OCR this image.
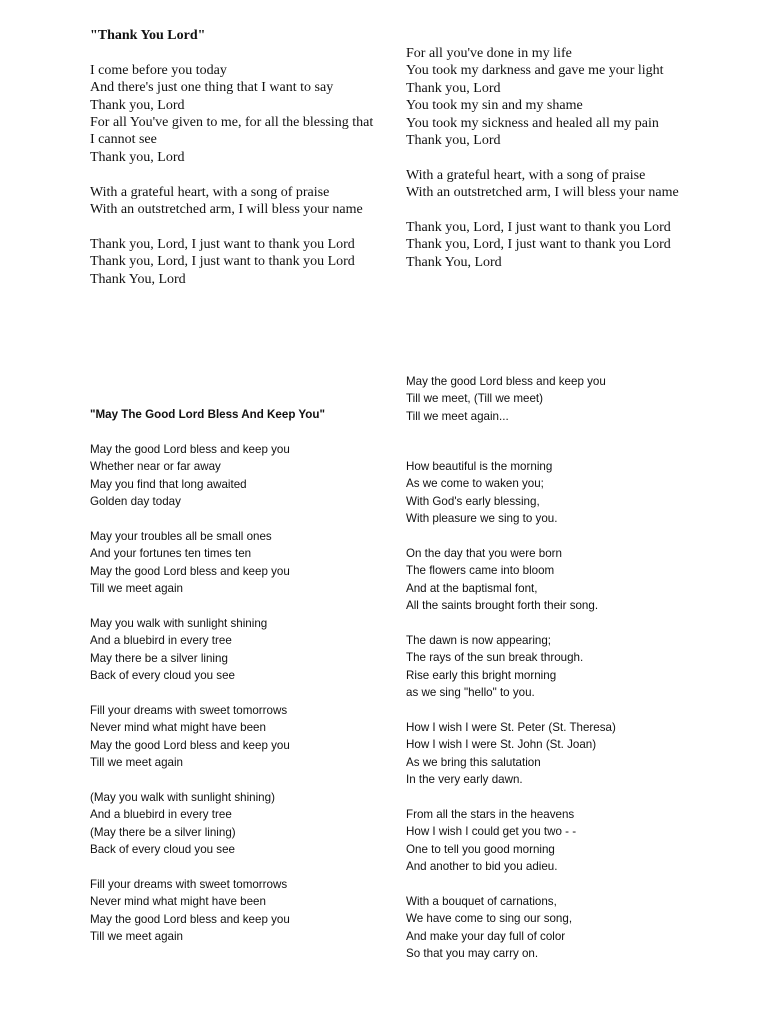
"Thank You Lord"
I come before you today
And there's just one thing that I want to say
Thank you, Lord
For all You've given to me, for all the blessing that
I cannot see
Thank you, Lord
With a grateful heart, with a song of praise
With an outstretched arm, I will bless your name
Thank you, Lord, I just want to thank you Lord
Thank you, Lord, I just want to thank you Lord
Thank You, Lord
"May The Good Lord Bless And Keep You"
May the good Lord bless and keep you
Whether near or far away
May you find that long awaited
Golden day today
May your troubles all be small ones
And your fortunes ten times ten
May the good Lord bless and keep you
Till we meet again
May you walk with sunlight shining
And a bluebird in every tree
May there be a silver lining
Back of every cloud you see
Fill your dreams with sweet tomorrows
Never mind what might have been
May the good Lord bless and keep you
Till we meet again
(May you walk with sunlight shining)
And a bluebird in every tree
(May there be a silver lining)
Back of every cloud you see
Fill your dreams with sweet tomorrows
Never mind what might have been
May the good Lord bless and keep you
Till we meet again
For all you've done in my life
You took my darkness and gave me your light
Thank you, Lord
You took my sin and my shame
You took my sickness and healed all my pain
Thank you, Lord
With a grateful heart, with a song of praise
With an outstretched arm, I will bless your name
Thank you, Lord, I just want to thank you Lord
Thank you, Lord, I just want to thank you Lord
Thank You, Lord
May the good Lord bless and keep you
Till we meet, (Till we meet)
Till we meet again...
How beautiful is the morning
As we come to waken you;
With God's early blessing,
With pleasure we sing to you.
On the day that you were born
The flowers came into bloom
And at the baptismal font,
All the saints brought forth their song.
The dawn is now appearing;
The rays of the sun break through.
Rise early this bright morning
as we sing "hello" to you.
How I wish I were St. Peter (St. Theresa)
How I wish I were St. John (St. Joan)
As we bring this salutation
In the very early dawn.
From all the stars in the heavens
How I wish I could get you two - -
One to tell you good morning
And another to bid you adieu.
With a bouquet of carnations,
We have come to sing our song,
And make your day full of color
So that you may carry on.
